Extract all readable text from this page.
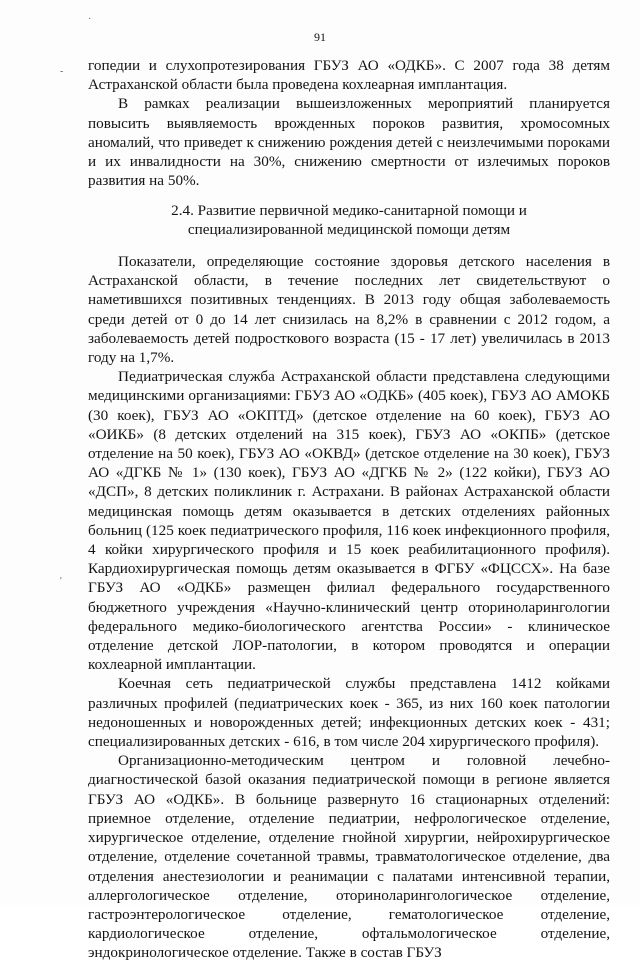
91

гопедии и слухопротезирования ГБУЗ АО «ОДКБ». С 2007 года 38 детям Астраханской области была проведена кохлеарная имплантация.

В рамках реализации вышеизложенных мероприятий планируется повысить выявляемость врожденных пороков развития, хромосомных аномалий, что приведет к снижению рождения детей с неизлечимыми пороками и их инвалидности на 30%, снижению смертности от излечимых пороков развития на 50%.

2.4. Развитие первичной медико-санитарной помощи и
специализированной медицинской помощи детям

Показатели, определяющие состояние здоровья детского населения в Астраханской области, в течение последних лет свидетельствуют о наметившихся позитивных тенденциях. В 2013 году общая заболеваемость среди детей от 0 до 14 лет снизилась на 8,2% в сравнении с 2012 годом, а заболеваемость детей подросткового возраста (15 - 17 лет) увеличилась в 2013 году на 1,7%.

Педиатрическая служба Астраханской области представлена следующими медицинскими организациями: ГБУЗ АО «ОДКБ» (405 коек), ГБУЗ АО АМОКБ (30 коек), ГБУЗ АО «ОКПТД» (детское отделение на 60 коек), ГБУЗ АО «ОИКБ» (8 детских отделений на 315 коек), ГБУЗ АО «ОКПБ» (детское отделение на 50 коек), ГБУЗ АО «ОКВД» (детское отделение на 30 коек), ГБУЗ АО «ДГКБ № 1» (130 коек), ГБУЗ АО «ДГКБ № 2» (122 койки), ГБУЗ АО «ДСП», 8 детских поликлиник г. Астрахани. В районах Астраханской области медицинская помощь детям оказывается в детских отделениях районных больниц (125 коек педиатрического профиля, 116 коек инфекционного профиля, 4 койки хирургического профиля и 15 коек реабилитационного профиля). Кардиохирургическая помощь детям оказывается в ФГБУ «ФЦССХ». На базе ГБУЗ АО «ОДКБ» размещен филиал федерального государственного бюджетного учреждения «Научно-клинический центр оториноларингологии федерального медико-биологического агентства России» - клиническое отделение детской ЛОР-патологии, в котором проводятся и операции кохлеарной имплантации.

Коечная сеть педиатрической службы представлена 1412 койками различных профилей (педиатрических коек - 365, из них 160 коек патологии недоношенных и новорожденных детей; инфекционных детских коек - 431; специализированных детских - 616, в том числе 204 хирургического профиля).

Организационно-методическим центром и головной лечебно-диагностической базой оказания педиатрической помощи в регионе является ГБУЗ АО «ОДКБ». В больнице развернуто 16 стационарных отделений: приемное отделение, отделение педиатрии, нефрологическое отделение, хирургическое отделение, отделение гнойной хирургии, нейрохирургическое отделение, отделение сочетанной травмы, травматологическое отделение, два отделения анестезиологии и реанимации с палатами интенсивной терапии, аллергологическое отделение, оториноларингологическое отделение, гастроэнтерологическое отделение, гематологическое отделение, кардиологическое отделение, офтальмологическое отделение, эндокринологическое отделение. Также в состав ГБУЗ

·
-
'
